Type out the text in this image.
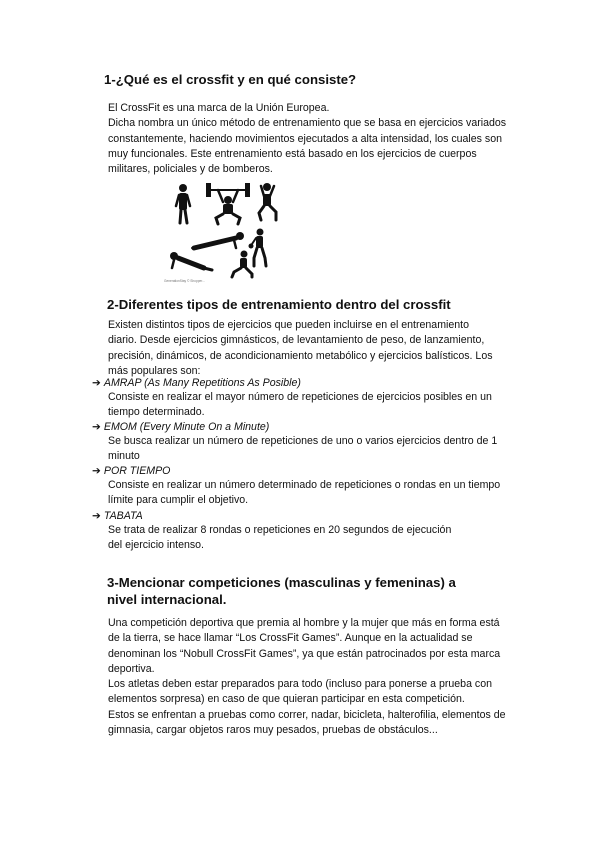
1-¿Qué es el crossfit y en qué consiste?
El CrossFit es una marca de la Unión Europea.
Dicha nombra un único método de entrenamiento que se basa en ejercicios variados
constantemente, haciendo movimientos ejecutados a alta intensidad, los cuales son
muy funcionales. Este entrenamiento está basado en los ejercicios de cuerpos
militares, policiales y de bomberos.
GenerationStay © Shopper...
2-Diferentes tipos de entrenamiento dentro del crossfit
Existen distintos tipos de ejercicios que pueden incluirse en el entrenamiento
diario. Desde ejercicios gimnásticos, de levantamiento de peso, de lanzamiento,
precisión, dinámicos, de acondicionamiento metabólico y ejercicios balísticos. Los
más populares son:
➔ AMRAP (As Many Repetitions As Posible)
Consiste en realizar el mayor número de repeticiones de ejercicios posibles en un
tiempo determinado.
➔ EMOM (Every Minute On a Minute)
Se busca realizar un número de repeticiones de uno o varios ejercicios dentro de 1
minuto
➔ POR TIEMPO
Consiste en realizar un número determinado de repeticiones o rondas en un tiempo
límite para cumplir el objetivo.
➔ TABATA
Se trata de realizar 8 rondas o repeticiones en 20 segundos de ejecución
del ejercicio intenso.
3-Mencionar competiciones (masculinas y femeninas) a
nivel internacional.
Una competición deportiva que premia al hombre y la mujer que más en forma está
de la tierra, se hace llamar “Los CrossFit Games”. Aunque en la actualidad se
denominan los “Nobull CrossFit Games”, ya que están patrocinados por esta marca
deportiva.
Los atletas deben estar preparados para todo (incluso para ponerse a prueba con
elementos sorpresa) en caso de que quieran participar en esta competición.
Estos se enfrentan a pruebas como correr, nadar, bicicleta, halterofilia, elementos de
gimnasia, cargar objetos raros muy pesados, pruebas de obstáculos...
